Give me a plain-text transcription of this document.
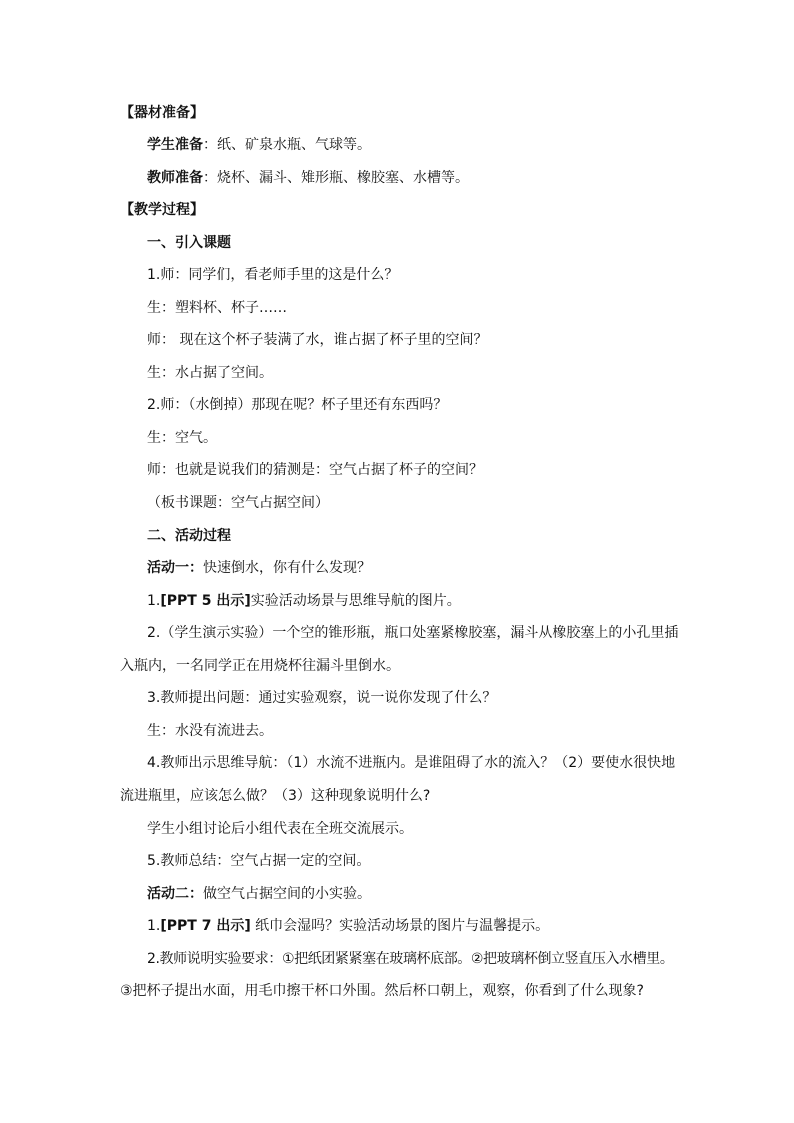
【器材准备】
学生准备：纸、矿泉水瓶、气球等。
教师准备：烧杯、漏斗、雉形瓶、橡胶塞、水槽等。
【教学过程】
一、引入课题
1.师：同学们，看老师手里的这是什么？
生：塑料杯、杯子……
师： 现在这个杯子装满了水，谁占据了杯子里的空间？
生：水占据了空间。
2.师：（水倒掉）那现在呢？杯子里还有东西吗？
生：空气。
师：也就是说我们的猜测是：空气占据了杯子的空间？
（板书课题：空气占据空间）
二、活动过程
活动一：快速倒水，你有什么发现？
1.[PPT 5 出示]实验活动场景与思维导航的图片。
2.（学生演示实验）一个空的锥形瓶，瓶口处塞紧橡胶塞，漏斗从橡胶塞上的小孔里插
入瓶内，一名同学正在用烧杯往漏斗里倒水。
3.教师提出问题：通过实验观察，说一说你发现了什么？
生：水没有流进去。
4.教师出示思维导航：（1）水流不进瓶内。是谁阻碍了水的流入？（2）要使水很快地
流进瓶里，应该怎么做？（3）这种现象说明什么?
学生小组讨论后小组代表在全班交流展示。
5.教师总结：空气占据一定的空间。
活动二：做空气占据空间的小实验。
1.[PPT 7 出示] 纸巾会湿吗？实验活动场景的图片与温馨提示。
2.教师说明实验要求：①把纸团紧紧塞在玻璃杯底部。②把玻璃杯倒立竖直压入水槽里。
③把杯子提出水面，用毛巾擦干杯口外围。然后杯口朝上，观察，你看到了什么现象?
